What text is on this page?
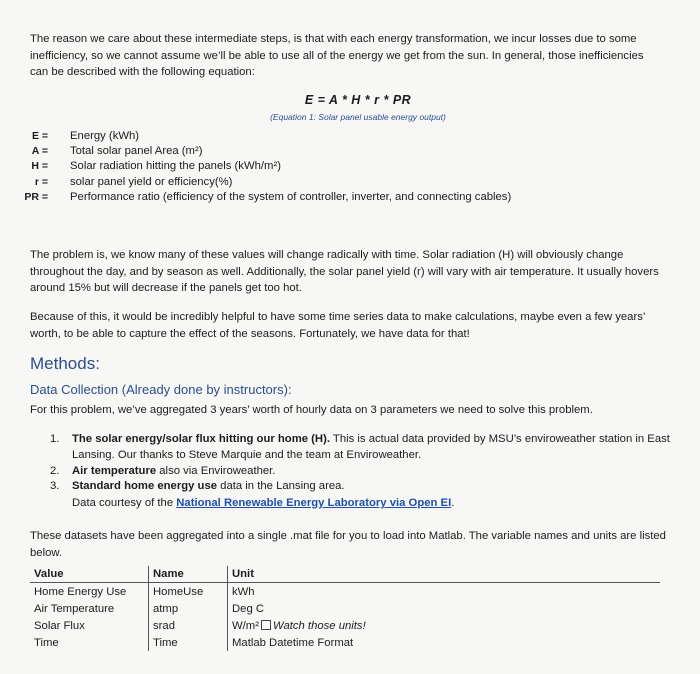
The reason we care about these intermediate steps, is that with each energy transformation, we incur losses due to some inefficiency, so we cannot assume we’ll be able to use all of the energy we get from the sun. In general, those inefficiencies can be described with the following equation:

E = A * H * r * PR
(Equation 1: Solar panel usable energy output)
E =	Energy (kWh)
A =	Total solar panel Area (m²)
H =	Solar radiation hitting the panels (kWh/m²)
r =	solar panel yield or efficiency(%)
PR =	Performance ratio (efficiency of the system of controller, inverter, and connecting cables)

The problem is, we know many of these values will change radically with time. Solar radiation (H) will obviously change throughout the day, and by season as well. Additionally, the solar panel yield (r) will vary with air temperature. It usually hovers around 15% but will decrease if the panels get too hot.

Because of this, it would be incredibly helpful to have some time series data to make calculations, maybe even a few years’ worth, to be able to capture the effect of the seasons. Fortunately, we have data for that!

Methods:
Data Collection (Already done by instructors):
For this problem, we’ve aggregated 3 years’ worth of hourly data on 3 parameters we need to solve this problem.
1.	The solar energy/solar flux hitting our home (H). This is actual data provided by MSU’s enviroweather station in East Lansing. Our thanks to Steve Marquie and the team at Enviroweather.
2.	Air temperature also via Enviroweather.
3.	Standard home energy use data in the Lansing area.
Data courtesy of the National Renewable Energy Laboratory via Open EI.

These datasets have been aggregated into a single .mat file for you to load into Matlab. The variable names and units are listed below.

Value	Name	Unit
Home Energy Use	HomeUse	kWh
Air Temperature	atmp	Deg C
Solar Flux	srad	W/m² Watch those units!
Time	Time	Matlab Datetime Format
